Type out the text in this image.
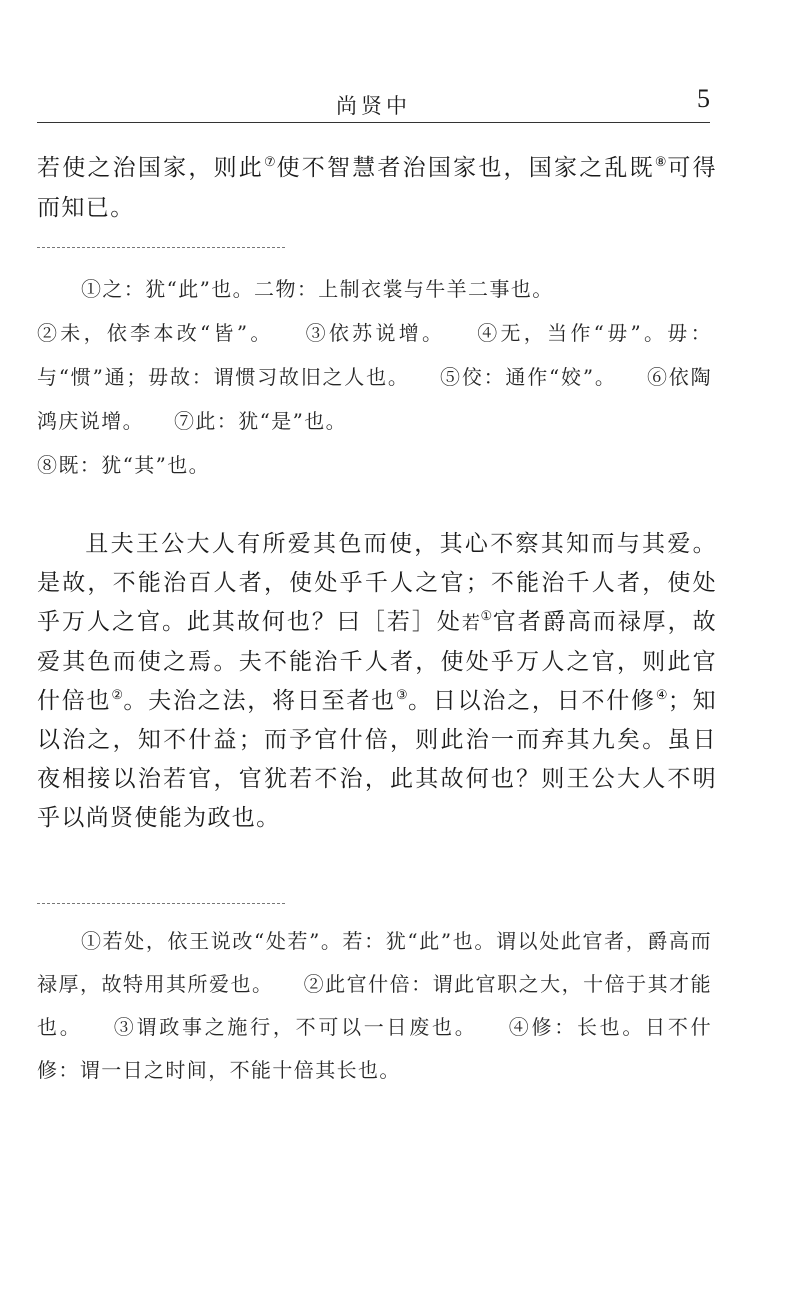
尚贤中	5

若使之治国家，则此⑦使不智慧者治国家也，国家之乱既⑧可得而知已。

①之：犹“此”也。二物：上制衣裳与牛羊二事也。
②未，依李本改“皆”。 ③依苏说增。 ④无，当作“毋”。毋：与“惯”通；毋故：谓惯习故旧之人也。 ⑤佼：通作“姣”。 ⑥依陶鸿庆说增。 ⑦此：犹“是”也。
⑧既：犹“其”也。

且夫王公大人有所爱其色而使，其心不察其知而与其爱。是故，不能治百人者，使处乎千人之官；不能治千人者，使处乎万人之官。此其故何也？曰［若］处若①官者爵高而禄厚，故爱其色而使之焉。夫不能治千人者，使处乎万人之官，则此官什倍也②。夫治之法，将日至者也③。日以治之，日不什修④；知以治之，知不什益；而予官什倍，则此治一而弃其九矣。虽日夜相接以治若官，官犹若不治，此其故何也？则王公大人不明乎以尚贤使能为政也。

①若处，依王说改“处若”。若：犹“此”也。谓以处此官者，爵高而禄厚，故特用其所爱也。 ②此官什倍：谓此官职之大，十倍于其才能也。 ③谓政事之施行，不可以一日废也。 ④修：长也。日不什修：谓一日之时间，不能十倍其长也。
